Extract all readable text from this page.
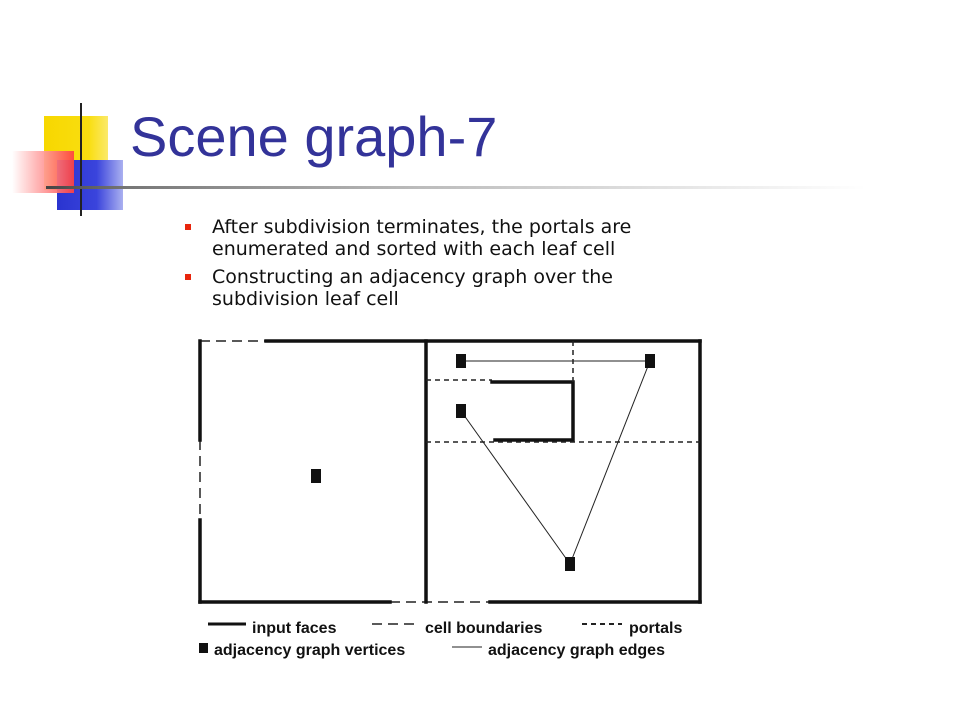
Scene graph-7
After subdivision terminates, the portals are enumerated and sorted with each leaf cell
Constructing an adjacency graph over the subdivision leaf cell
input faces	cell boundaries	portals
adjacency graph vertices	adjacency graph edges
